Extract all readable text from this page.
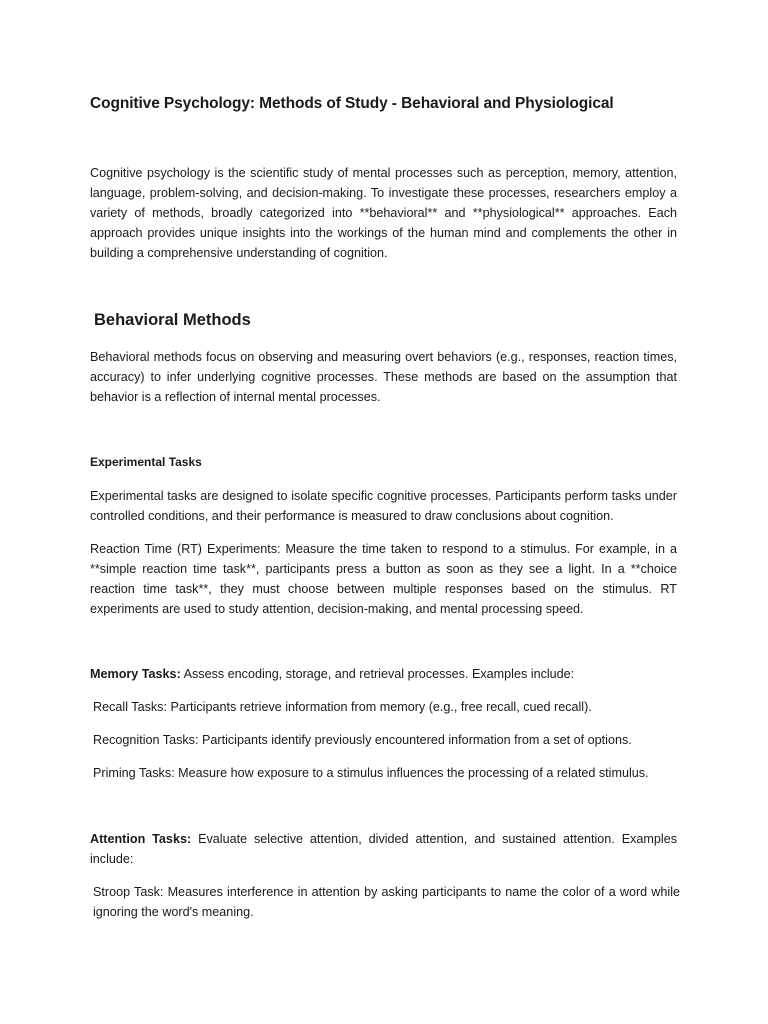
Cognitive Psychology: Methods of Study - Behavioral and Physiological

Cognitive psychology is the scientific study of mental processes such as perception, memory, attention, language, problem-solving, and decision-making. To investigate these processes, researchers employ a variety of methods, broadly categorized into **behavioral** and **physiological** approaches. Each approach provides unique insights into the workings of the human mind and complements the other in building a comprehensive understanding of cognition.

Behavioral Methods

Behavioral methods focus on observing and measuring overt behaviors (e.g., responses, reaction times, accuracy) to infer underlying cognitive processes. These methods are based on the assumption that behavior is a reflection of internal mental processes.

Experimental Tasks

Experimental tasks are designed to isolate specific cognitive processes. Participants perform tasks under controlled conditions, and their performance is measured to draw conclusions about cognition.

Reaction Time (RT) Experiments: Measure the time taken to respond to a stimulus. For example, in a **simple reaction time task**, participants press a button as soon as they see a light. In a **choice reaction time task**, they must choose between multiple responses based on the stimulus. RT experiments are used to study attention, decision-making, and mental processing speed.

Memory Tasks: Assess encoding, storage, and retrieval processes. Examples include:

Recall Tasks: Participants retrieve information from memory (e.g., free recall, cued recall).

Recognition Tasks: Participants identify previously encountered information from a set of options.

Priming Tasks: Measure how exposure to a stimulus influences the processing of a related stimulus.

Attention Tasks: Evaluate selective attention, divided attention, and sustained attention. Examples include:

Stroop Task: Measures interference in attention by asking participants to name the color of a word while ignoring the word's meaning.
